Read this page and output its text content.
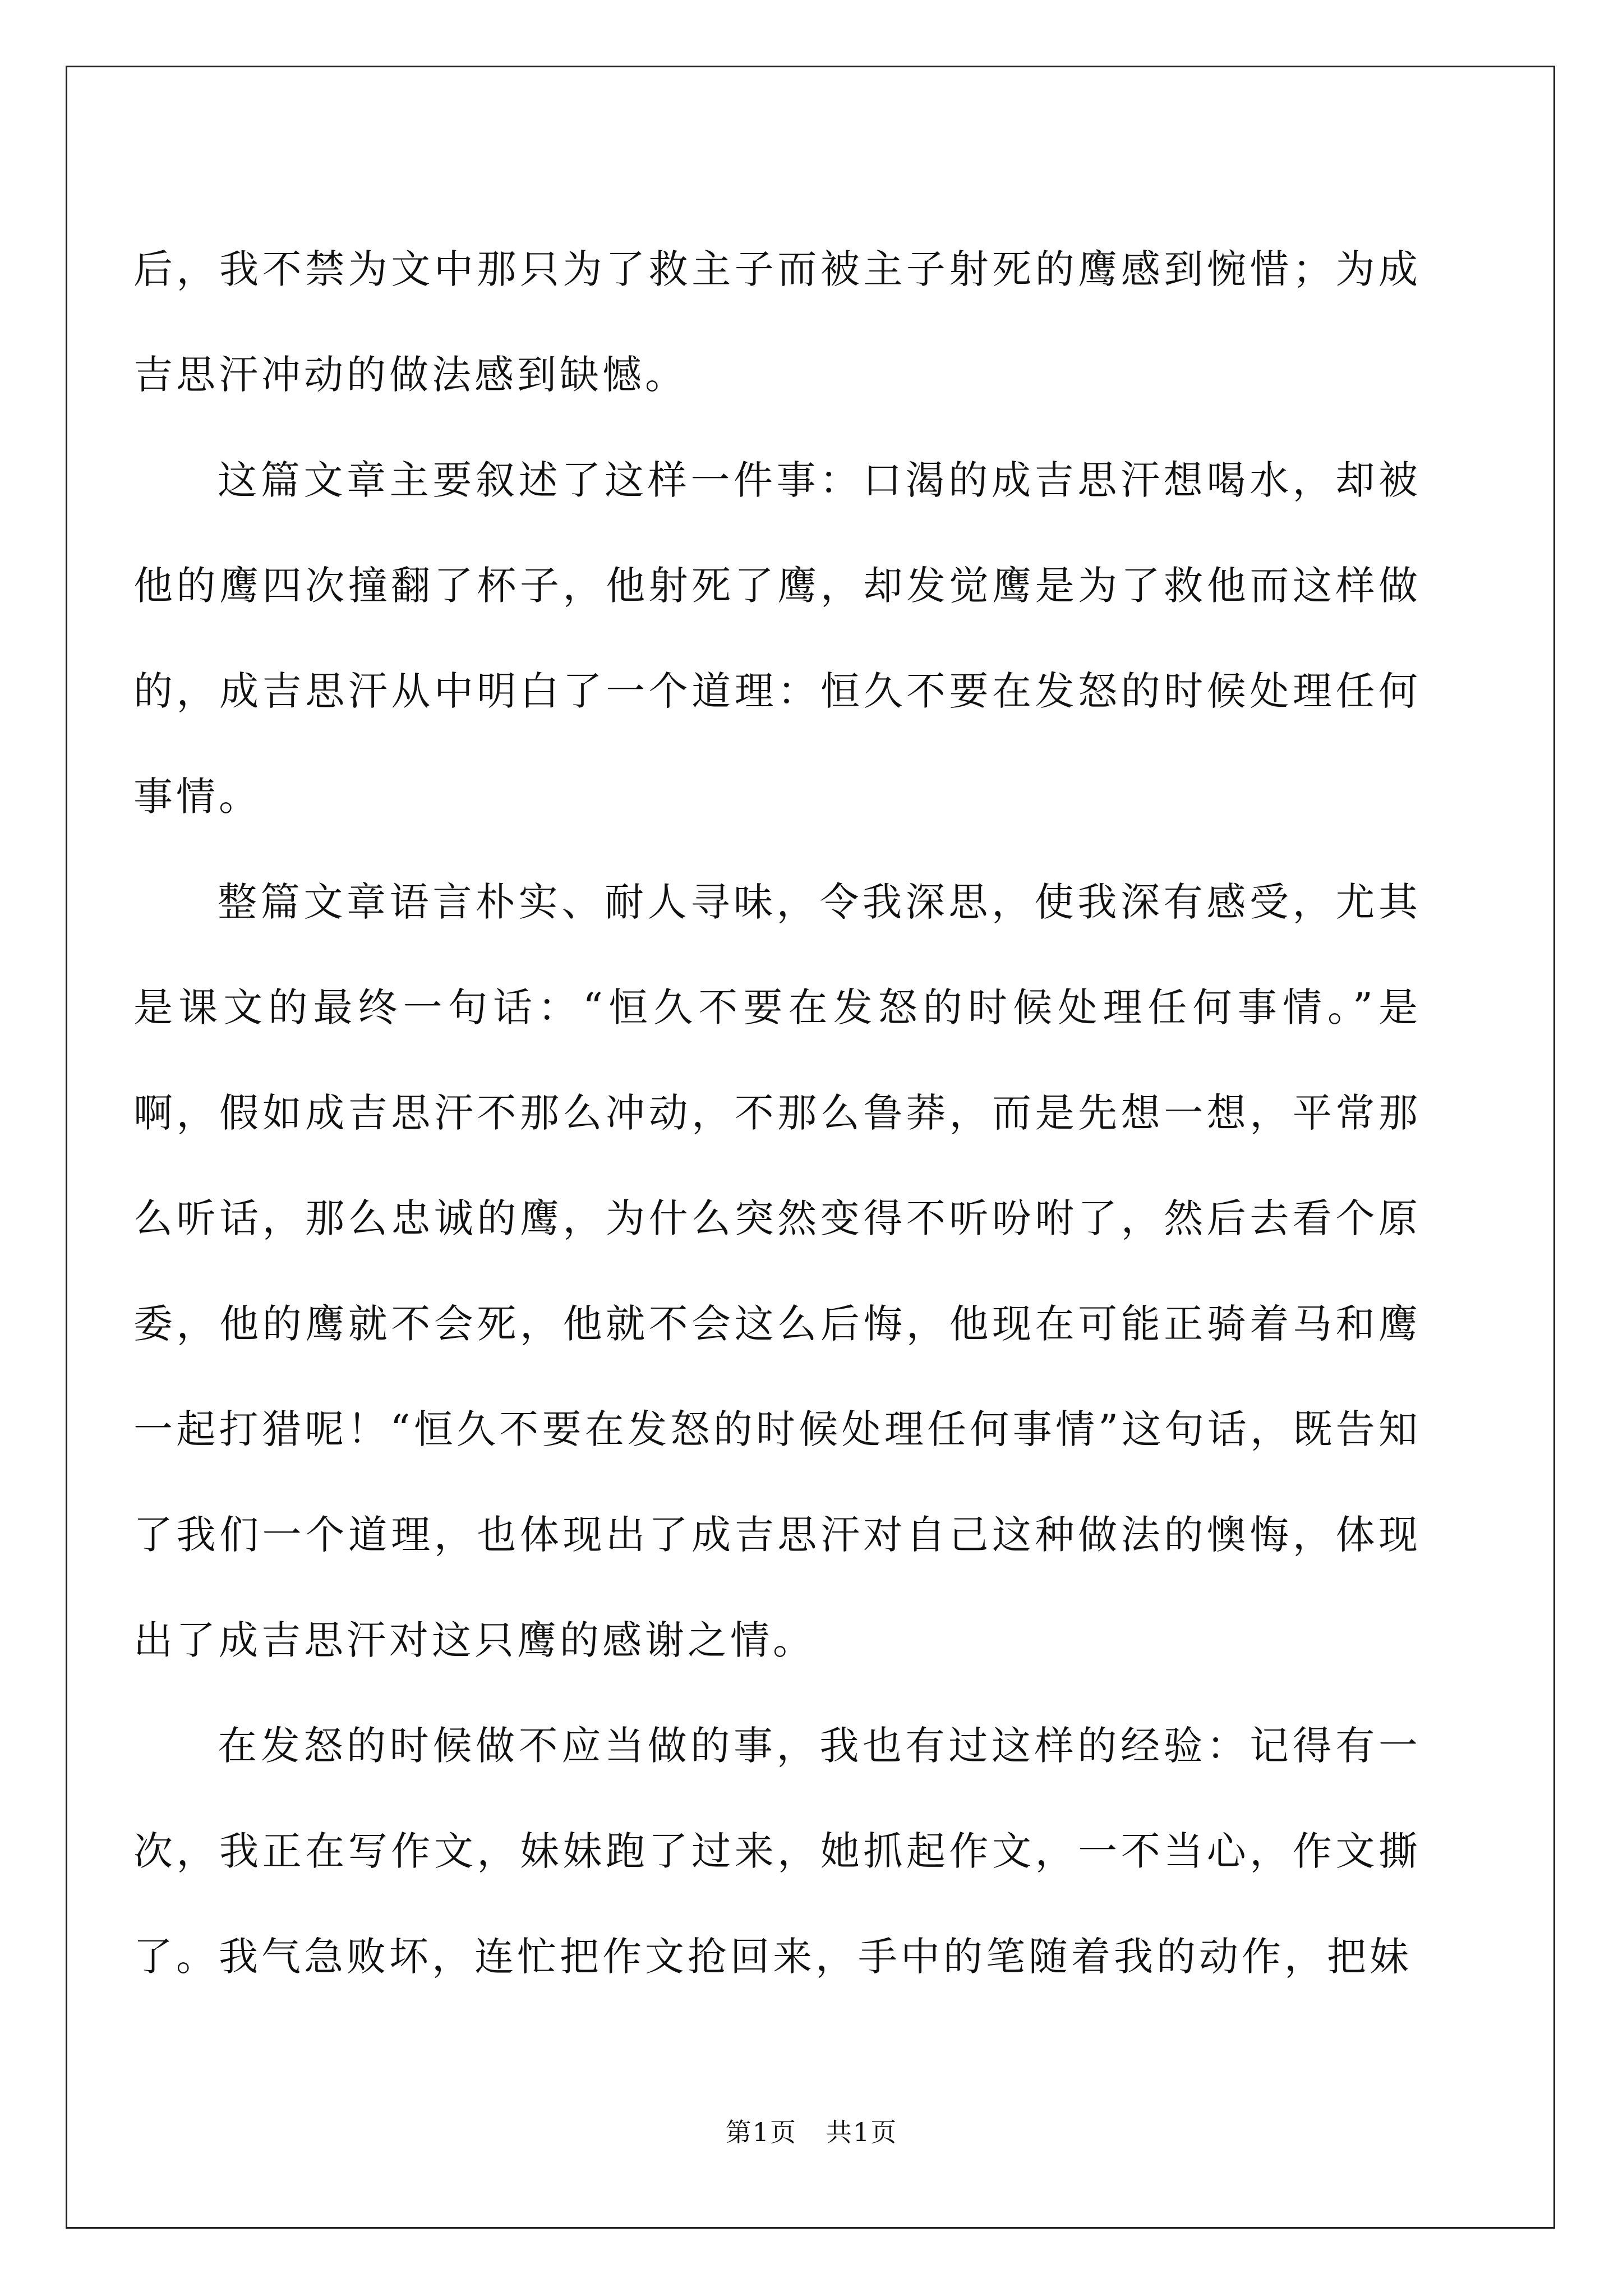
后，我不禁为文中那只为了救主子而被主子射死的鹰感到惋惜；为成吉思汗冲动的做法感到缺憾。

这篇文章主要叙述了这样一件事：口渴的成吉思汗想喝水，却被他的鹰四次撞翻了杯子，他射死了鹰，却发觉鹰是为了救他而这样做的，成吉思汗从中明白了一个道理：恒久不要在发怒的时候处理任何事情。

整篇文章语言朴实、耐人寻味，令我深思，使我深有感受，尤其是课文的最终一句话：“恒久不要在发怒的时候处理任何事情。”是啊，假如成吉思汗不那么冲动，不那么鲁莽，而是先想一想，平常那么听话，那么忠诚的鹰，为什么突然变得不听吩咐了，然后去看个原委，他的鹰就不会死，他就不会这么后悔，他现在可能正骑着马和鹰一起打猎呢！“恒久不要在发怒的时候处理任何事情”这句话，既告知了我们一个道理，也体现出了成吉思汗对自己这种做法的懊悔，体现出了成吉思汗对这只鹰的感谢之情。

在发怒的时候做不应当做的事，我也有过这样的经验：记得有一次，我正在写作文，妹妹跑了过来，她抓起作文，一不当心，作文撕了。我气急败坏，连忙把作文抢回来，手中的笔随着我的动作，把妹

第1页 共1页
